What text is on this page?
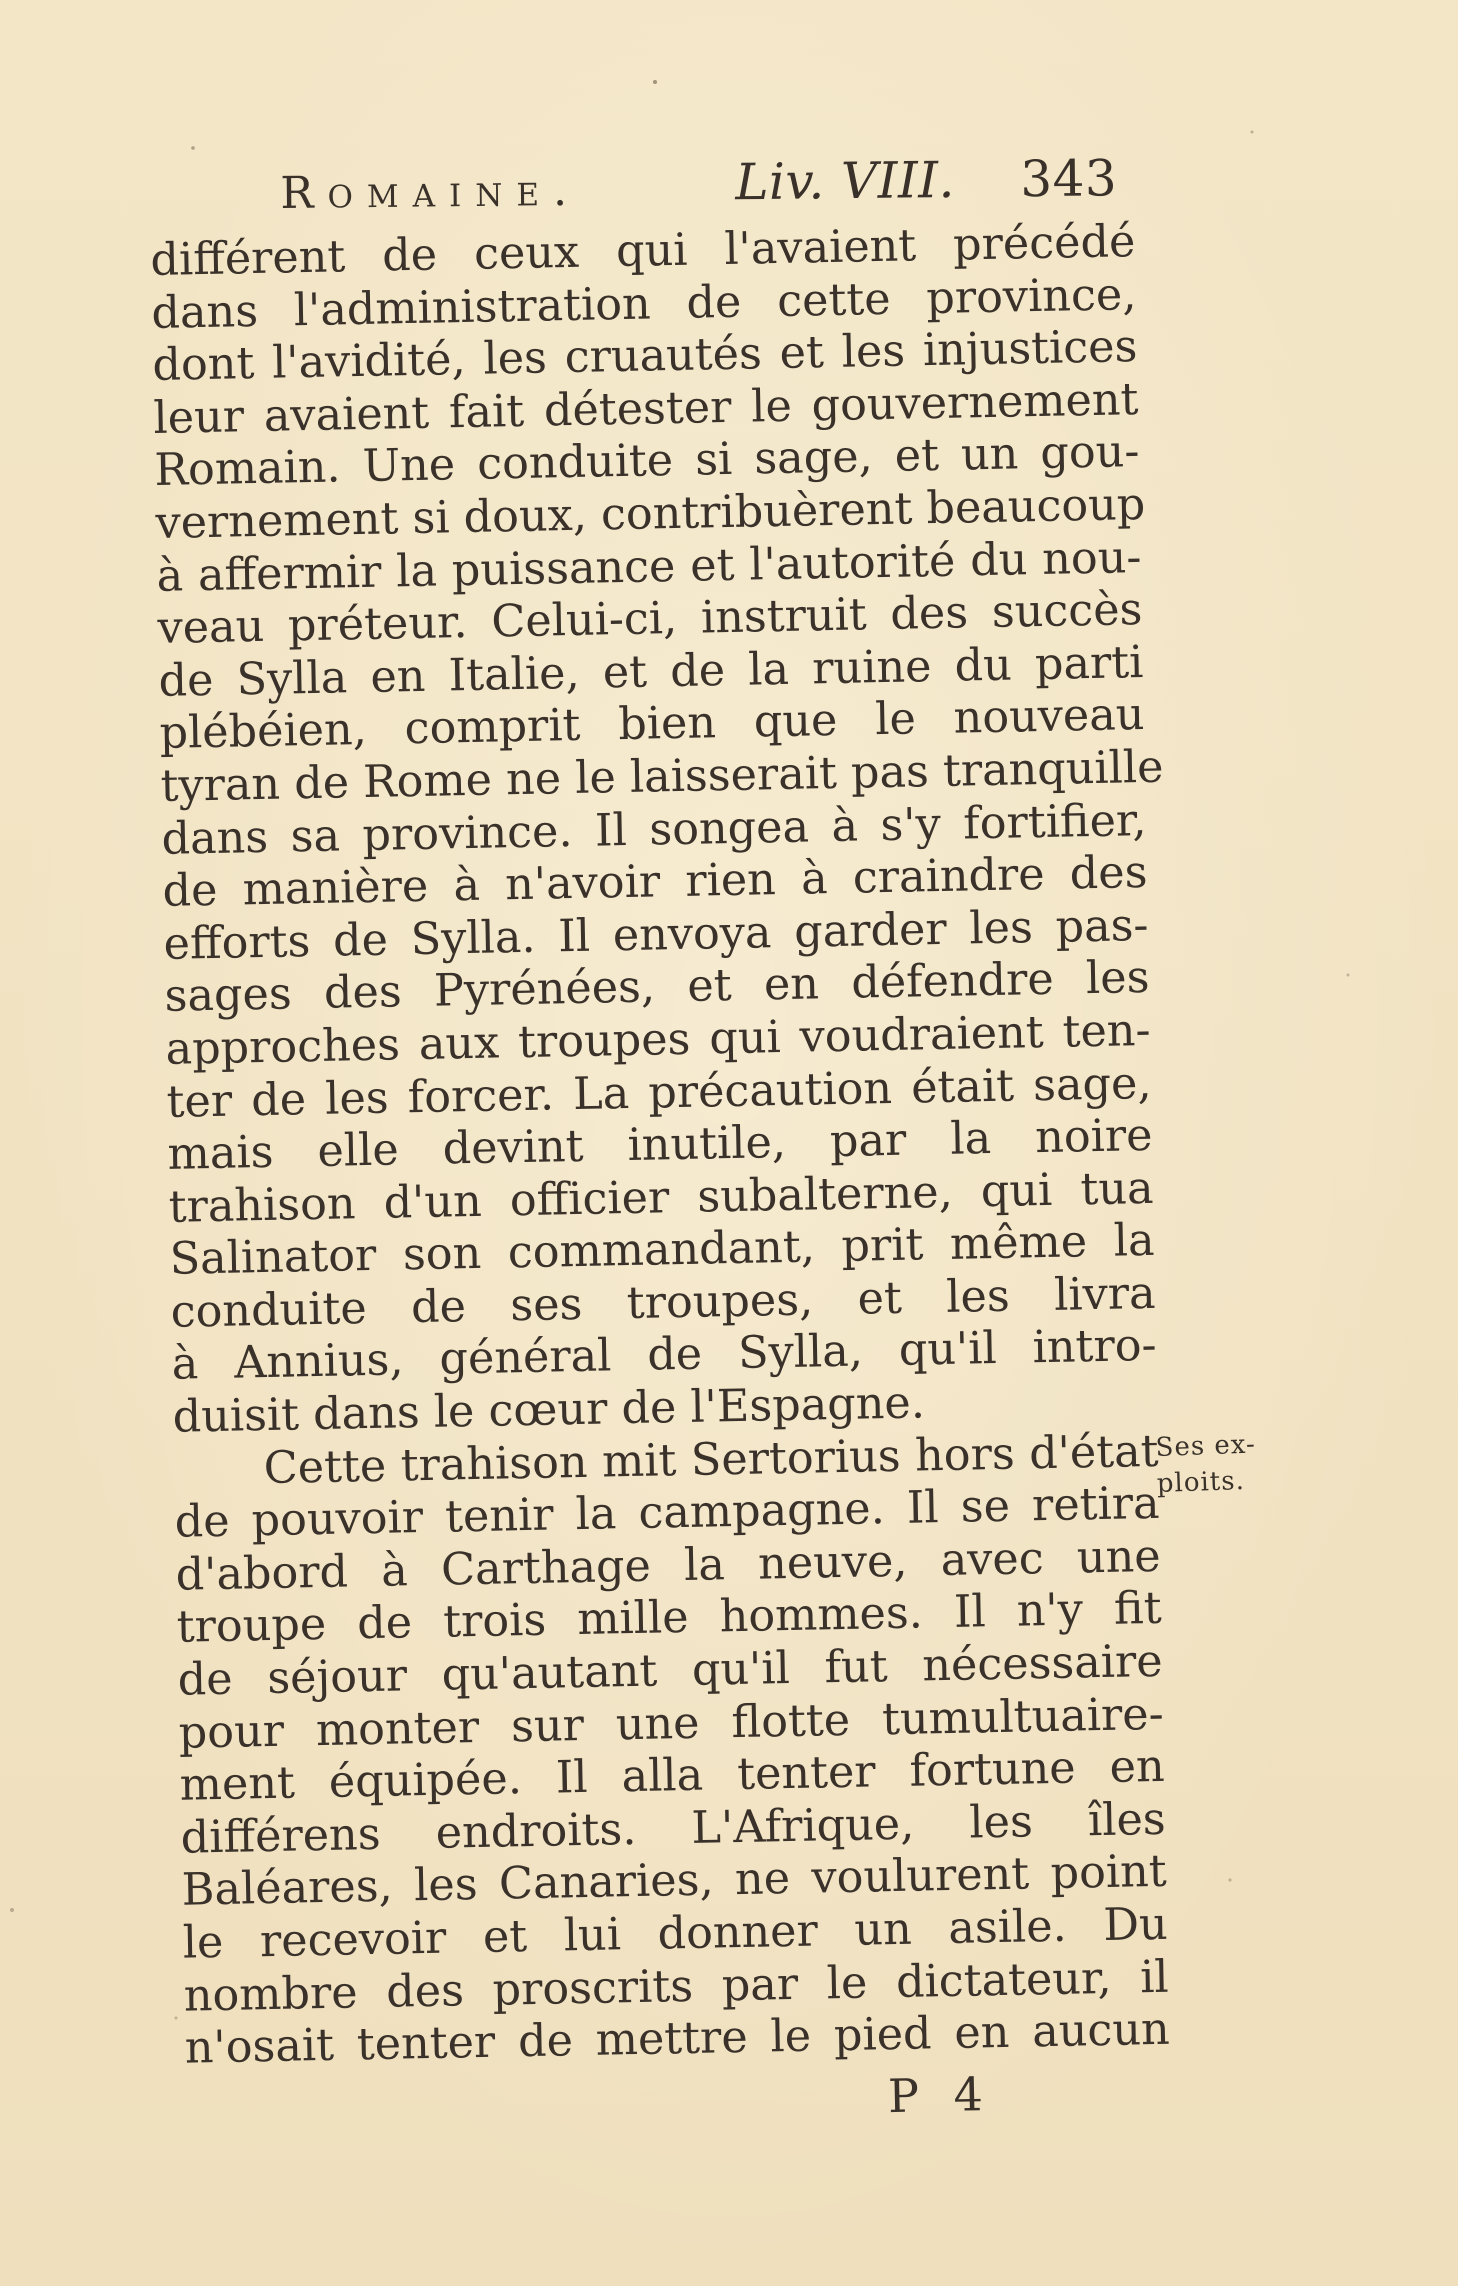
Romaine.	Liv. VIII. 343
différent de ceux qui l'avaient précédé
dans l'administration de cette province,
dont l'avidité, les cruautés et les injustices
leur avaient fait détester le gouvernement
Romain. Une conduite si sage, et un gou-
vernement si doux, contribuèrent beaucoup
à affermir la puissance et l'autorité du nou-
veau préteur. Celui-ci, instruit des succès
de Sylla en Italie, et de la ruine du parti
plébéien, comprit bien que le nouveau
tyran de Rome ne le laisserait pas tranquille
dans sa province. Il songea à s'y fortifier,
de manière à n'avoir rien à craindre des
efforts de Sylla. Il envoya garder les pas-
sages des Pyrénées, et en défendre les
approches aux troupes qui voudraient ten-
ter de les forcer. La précaution était sage,
mais elle devint inutile, par la noire
trahison d'un officier subalterne, qui tua
Salinator son commandant, prit même la
conduite de ses troupes, et les livra
à Annius, général de Sylla, qu'il intro-
duisit dans le cœur de l'Espagne.
Cette trahison mit Sertorius hors d'état
de pouvoir tenir la campagne. Il se retira
d'abord à Carthage la neuve, avec une
troupe de trois mille hommes. Il n'y fit
de séjour qu'autant qu'il fut nécessaire
pour monter sur une flotte tumultuaire-
ment équipée. Il alla tenter fortune en
différens endroits. L'Afrique, les îles
Baléares, les Canaries, ne voulurent point
le recevoir et lui donner un asile. Du
nombre des proscrits par le dictateur, il
n'osait tenter de mettre le pied en aucun
Ses ex-
ploits.
P 4
